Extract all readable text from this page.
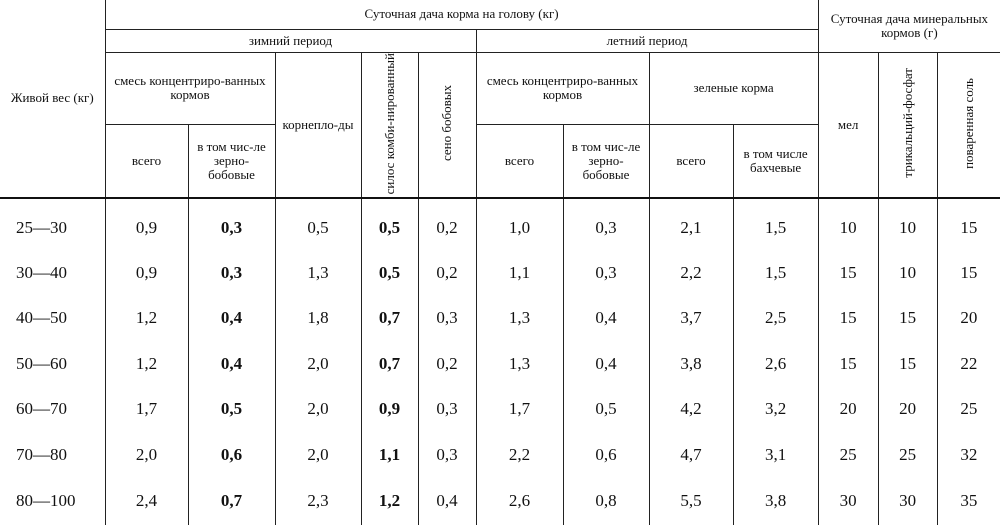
Живой вес (кг)	Суточная дача корма на голову (кг)									Суточная дача минеральных кормов (г)		
	зимний период					летний период						
	смесь концентриро-ванных кормов		корнепло-ды	силос комби-нированный	сено бобовых	смесь концентриро-ванных кормов		зеленые корма		мел	трикальций-фосфат	поваренная соль
	всего	в том чис-ле зерно-бобовые				всего	в том чис-ле зерно-бобовые	всего	в том числе бахчевые			
25—30	0,9	0,3	0,5	0,5	0,2	1,0	0,3	2,1	1,5	10	10	15
30—40	0,9	0,3	1,3	0,5	0,2	1,1	0,3	2,2	1,5	15	10	15
40—50	1,2	0,4	1,8	0,7	0,3	1,3	0,4	3,7	2,5	15	15	20
50—60	1,2	0,4	2,0	0,7	0,2	1,3	0,4	3,8	2,6	15	15	22
60—70	1,7	0,5	2,0	0,9	0,3	1,7	0,5	4,2	3,2	20	20	25
70—80	2,0	0,6	2,0	1,1	0,3	2,2	0,6	4,7	3,1	25	25	32
80—100	2,4	0,7	2,3	1,2	0,4	2,6	0,8	5,5	3,8	30	30	35
